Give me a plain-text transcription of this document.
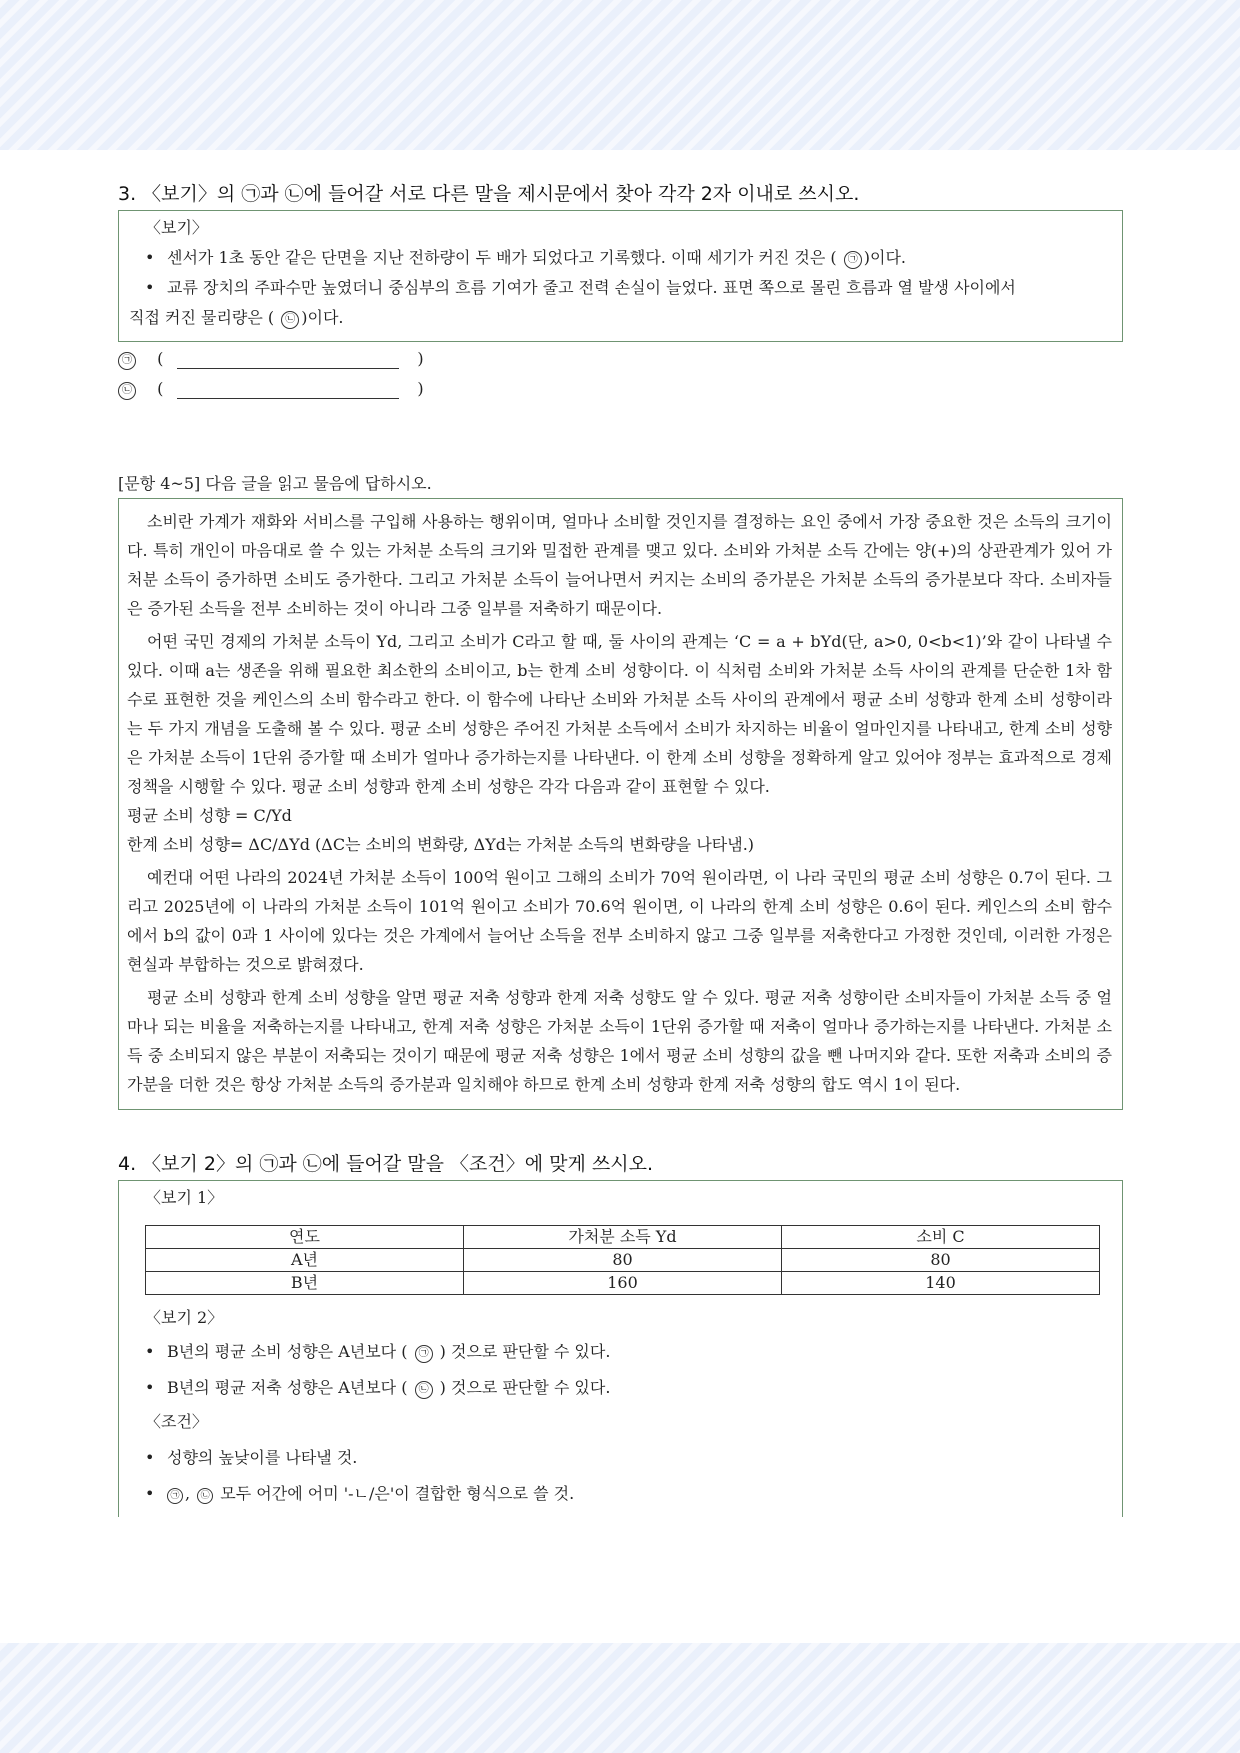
3. 〈보기〉의 ㉠과 ㉡에 들어갈 서로 다른 말을 제시문에서 찾아 각각 2자 이내로 쓰시오.
〈보기〉
• 센서가 1초 동안 같은 단면을 지난 전하량이 두 배가 되었다고 기록했다. 이때 세기가 커진 것은 ( ㉠ )이다.
• 교류 장치의 주파수만 높였더니 중심부의 흐름 기여가 줄고 전력 손실이 늘었다. 표면 쪽으로 몰린 흐름과 열 발생 사이에서
직접 커진 물리량은 ( ㉡ )이다.
㉠ (	)
㉡ (	)
[문항 4~5] 다음 글을 읽고 물음에 답하시오.

소비란 가계가 재화와 서비스를 구입해 사용하는 행위이며, 얼마나 소비할 것인지를 결정하는 요인 중에서 가장 중요한 것은 소득의 크기이다. 특히 개인이 마음대로 쓸 수 있는 가처분 소득의 크기와 밀접한 관계를 맺고 있다. 소비와 가처분 소득 간에는 양(+)의 상관관계가 있어 가처분 소득이 증가하면 소비도 증가한다. 그리고 가처분 소득이 늘어나면서 커지는 소비의 증가분은 가처분 소득의 증가분보다 작다. 소비자들은 증가된 소득을 전부 소비하는 것이 아니라 그중 일부를 저축하기 때문이다.

어떤 국민 경제의 가처분 소득이 Yd, 그리고 소비가 C라고 할 때, 둘 사이의 관계는 ‘C = a + bYd(단, a>0, 0<b<1)’와 같이 나타낼 수 있다. 이때 a는 생존을 위해 필요한 최소한의 소비이고, b는 한계 소비 성향이다. 이 식처럼 소비와 가처분 소득 사이의 관계를 단순한 1차 함수로 표현한 것을 케인스의 소비 함수라고 한다. 이 함수에 나타난 소비와 가처분 소득 사이의 관계에서 평균 소비 성향과 한계 소비 성향이라는 두 가지 개념을 도출해 볼 수 있다. 평균 소비 성향은 주어진 가처분 소득에서 소비가 차지하는 비율이 얼마인지를 나타내고, 한계 소비 성향은 가처분 소득이 1단위 증가할 때 소비가 얼마나 증가하는지를 나타낸다. 이 한계 소비 성향을 정확하게 알고 있어야 정부는 효과적으로 경제 정책을 시행할 수 있다. 평균 소비 성향과 한계 소비 성향은 각각 다음과 같이 표현할 수 있다.

평균 소비 성향 = C/Yd

한계 소비 성향= ΔC/ΔYd (ΔC는 소비의 변화량, ΔYd는 가처분 소득의 변화량을 나타냄.)

예컨대 어떤 나라의 2024년 가처분 소득이 100억 원이고 그해의 소비가 70억 원이라면, 이 나라 국민의 평균 소비 성향은 0.7이 된다. 그리고 2025년에 이 나라의 가처분 소득이 101억 원이고 소비가 70.6억 원이면, 이 나라의 한계 소비 성향은 0.6이 된다. 케인스의 소비 함수에서 b의 값이 0과 1 사이에 있다는 것은 가계에서 늘어난 소득을 전부 소비하지 않고 그중 일부를 저축한다고 가정한 것인데, 이러한 가정은 현실과 부합하는 것으로 밝혀졌다.

평균 소비 성향과 한계 소비 성향을 알면 평균 저축 성향과 한계 저축 성향도 알 수 있다. 평균 저축 성향이란 소비자들이 가처분 소득 중 얼마나 되는 비율을 저축하는지를 나타내고, 한계 저축 성향은 가처분 소득이 1단위 증가할 때 저축이 얼마나 증가하는지를 나타낸다. 가처분 소득 중 소비되지 않은 부분이 저축되는 것이기 때문에 평균 저축 성향은 1에서 평균 소비 성향의 값을 뺀 나머지와 같다. 또한 저축과 소비의 증가분을 더한 것은 항상 가처분 소득의 증가분과 일치해야 하므로 한계 소비 성향과 한계 저축 성향의 합도 역시 1이 된다.

4. 〈보기 2〉의 ㉠과 ㉡에 들어갈 말을 〈조건〉에 맞게 쓰시오.
〈보기 1〉
연도	가처분 소득 Yd	소비 C
A년	80	80
B년	160	140
〈보기 2〉
• B년의 평균 소비 성향은 A년보다 ( ㉠ ) 것으로 판단할 수 있다.
• B년의 평균 저축 성향은 A년보다 ( ㉡ ) 것으로 판단할 수 있다.
〈조건〉
• 성향의 높낮이를 나타낼 것.
• ㉠ , ㉡ 모두 어간에 어미 '-ㄴ/은'이 결합한 형식으로 쓸 것.
